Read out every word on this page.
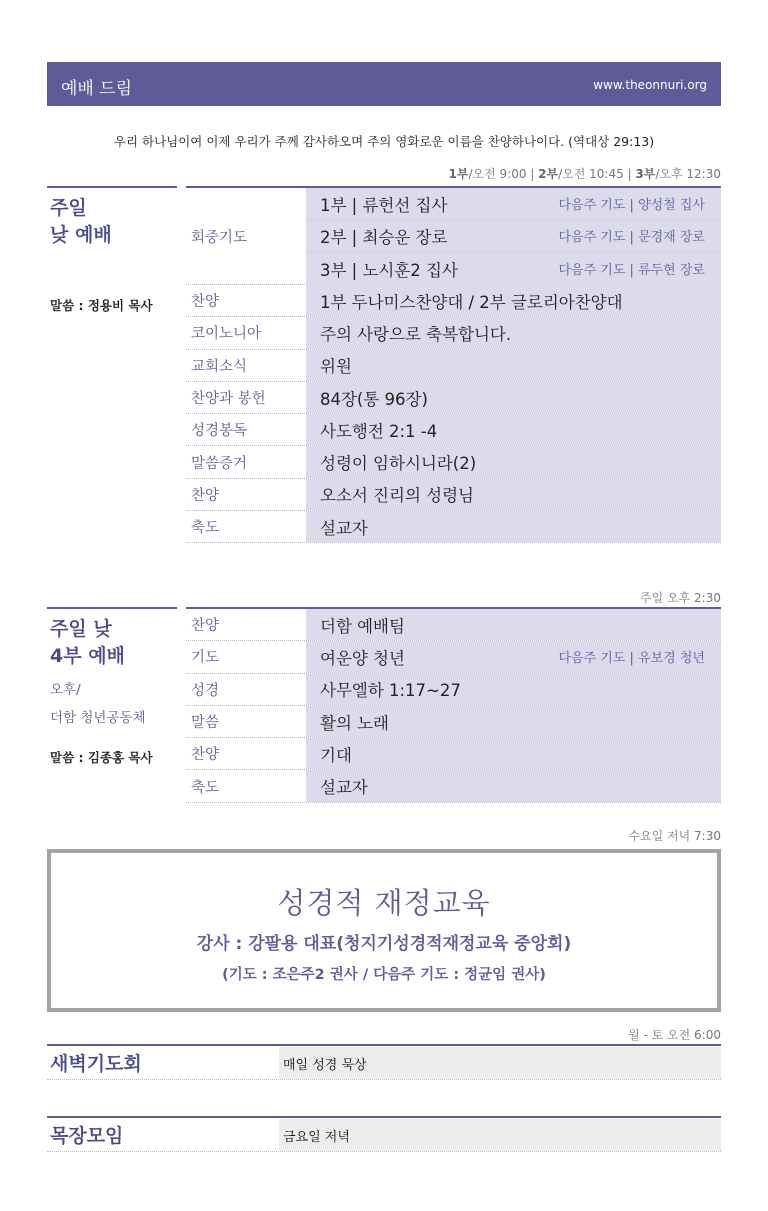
예배 드림	www.theonnuri.org
우리 하나님이여 이제 우리가 주께 감사하오며 주의 영화로운 이름을 찬양하나이다. (역대상 29:13)
1부/오전 9:00 | 2부/오전 10:45 | 3부/오후 12:30
주일
낮 예배
말씀 : 정용비 목사
회중기도
1부 | 류헌선 집사	다음주 기도 | 양성철 집사
2부 | 최승운 장로	다음주 기도 | 문경재 장로
3부 | 노시훈2 집사	다음주 기도 | 류두현 장로
찬양	1부 두나미스찬양대 / 2부 글로리아찬양대
코이노니아	주의 사랑으로 축복합니다.
교회소식	위원
찬양과 봉헌	84장(통 96장)
성경봉독	사도행전 2:1 -4
말씀증거	성령이 임하시니라(2)
찬양	오소서 진리의 성령님
축도	설교자
주일 오후 2:30
주일 낮
4부 예배
오후/
더함 청년공동체
말씀 : 김종홍 목사
찬양	더함 예배팀
기도	여운양 청년	다음주 기도 | 유보경 청년
성경	사무엘하 1:17~27
말씀	활의 노래
찬양	기대
축도	설교자
수요일 저녁 7:30
성경적 재정교육
강사 : 강팔용 대표(청지기성경적재정교육 중앙회)
(기도 : 조은주2 권사 / 다음주 기도 : 정균임 권사)
월 - 토 오전 6:00
새벽기도회	매일 성경 묵상
목장모임	금요일 저녁
